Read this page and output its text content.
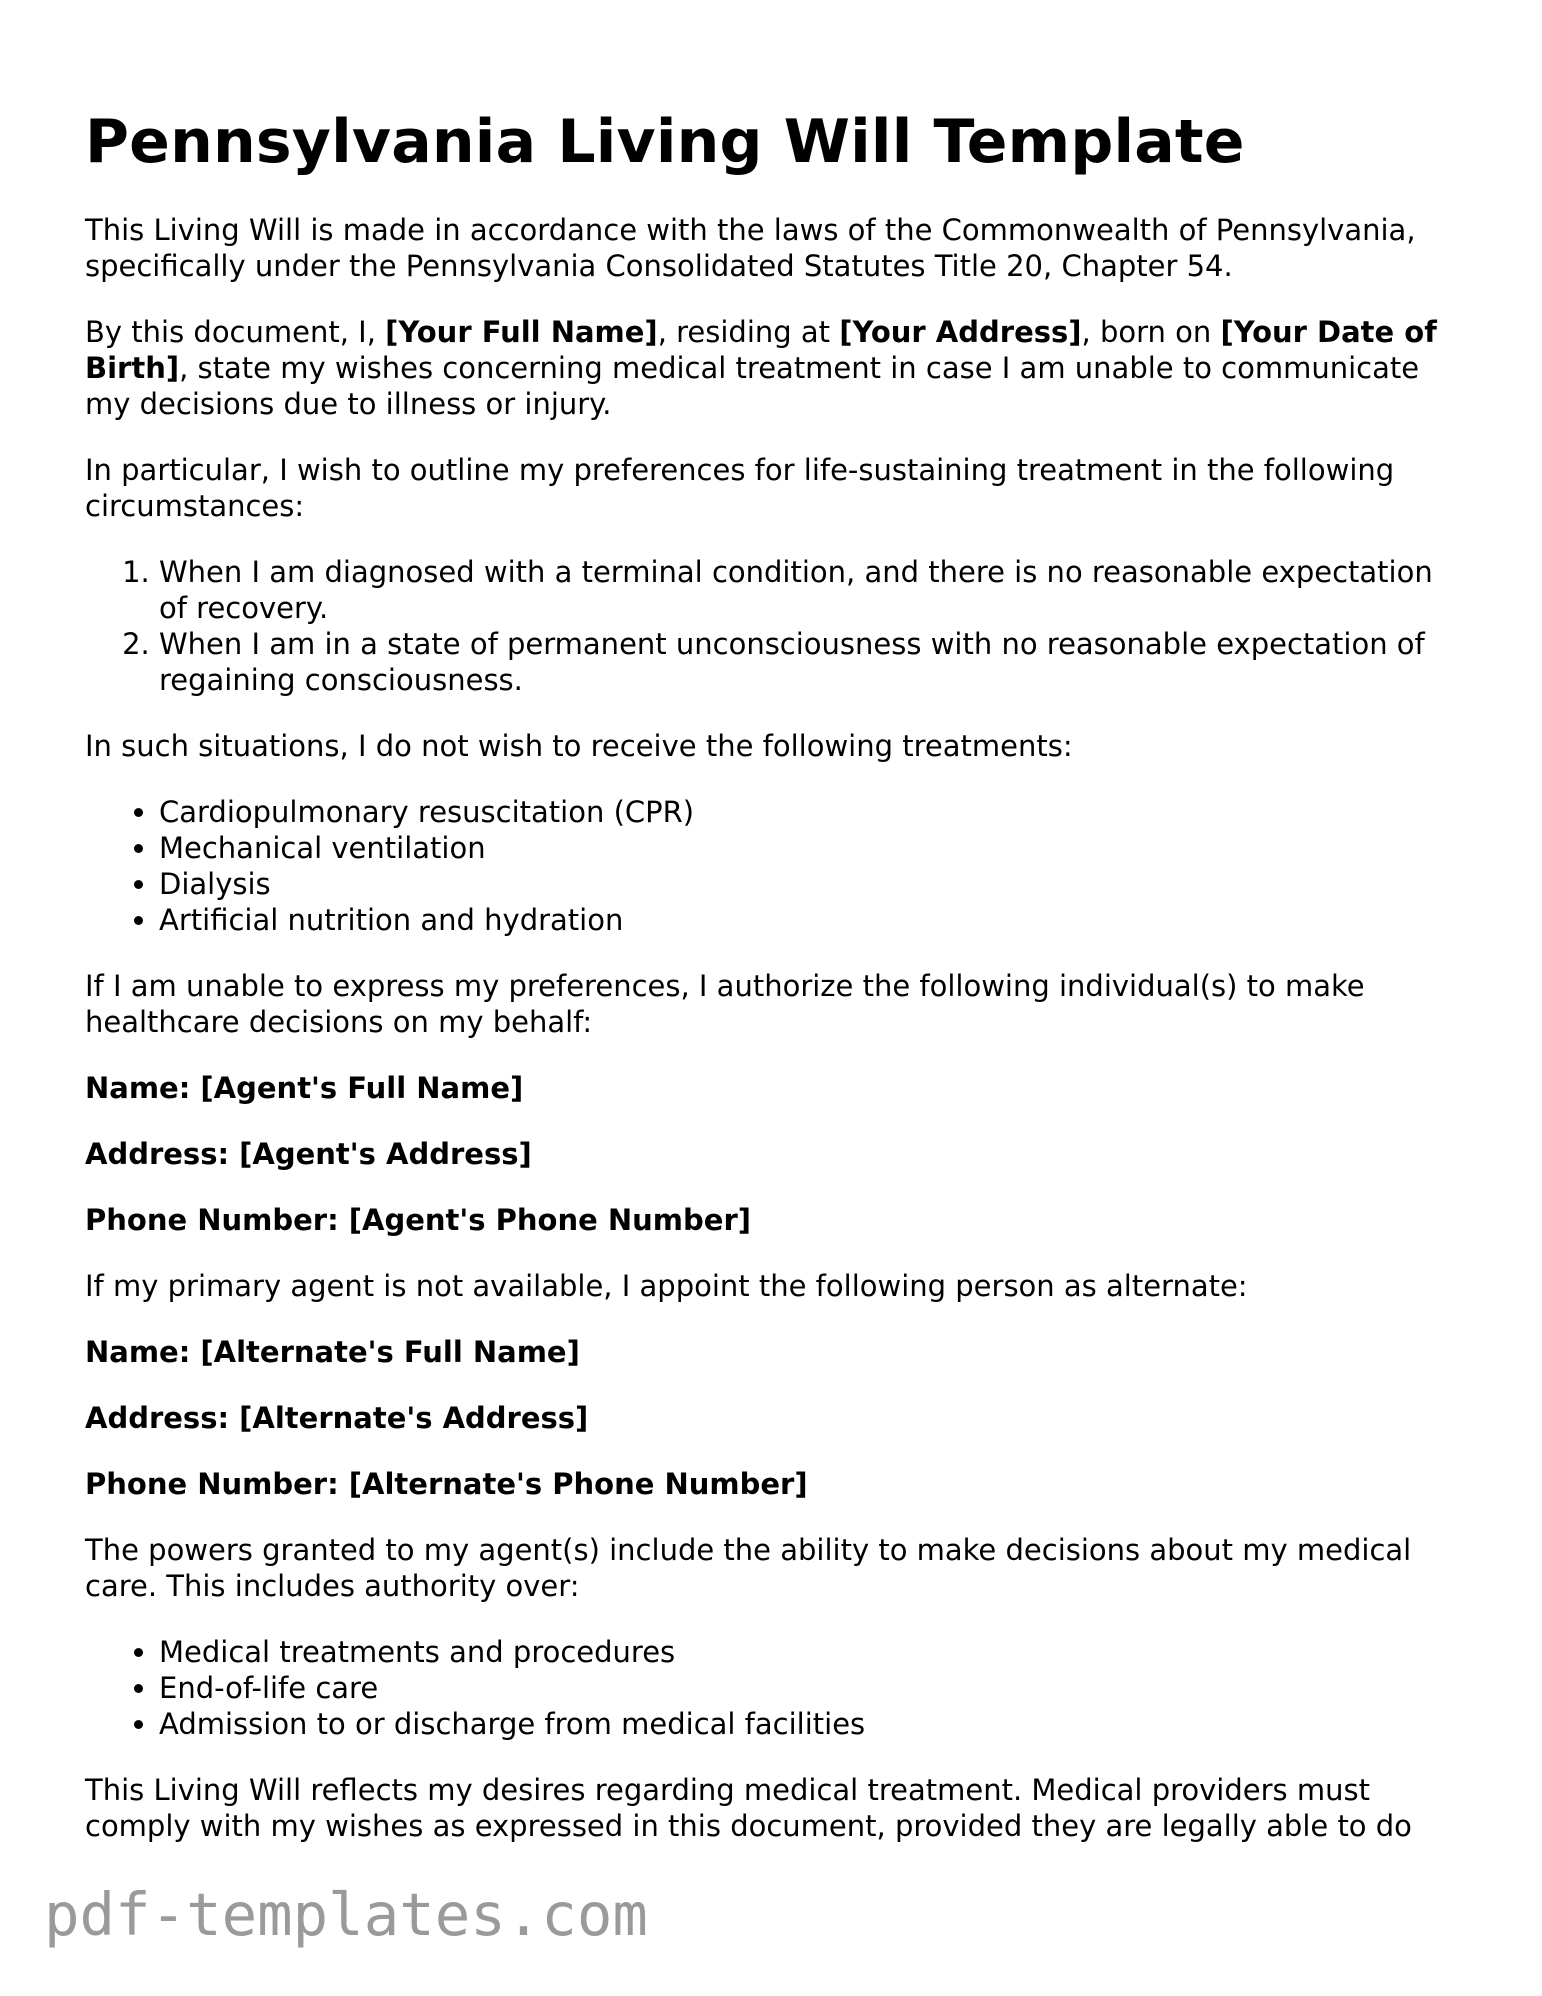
Pennsylvania Living Will Template

This Living Will is made in accordance with the laws of the Commonwealth of Pennsylvania, specifically under the Pennsylvania Consolidated Statutes Title 20, Chapter 54.

By this document, I, [Your Full Name], residing at [Your Address], born on [Your Date of Birth], state my wishes concerning medical treatment in case I am unable to communicate my decisions due to illness or injury.

In particular, I wish to outline my preferences for life-sustaining treatment in the following circumstances:

1. When I am diagnosed with a terminal condition, and there is no reasonable expectation of recovery.
2. When I am in a state of permanent unconsciousness with no reasonable expectation of regaining consciousness.

In such situations, I do not wish to receive the following treatments:

• Cardiopulmonary resuscitation (CPR)
• Mechanical ventilation
• Dialysis
• Artificial nutrition and hydration

If I am unable to express my preferences, I authorize the following individual(s) to make healthcare decisions on my behalf:

Name: [Agent's Full Name]

Address: [Agent's Address]

Phone Number: [Agent's Phone Number]

If my primary agent is not available, I appoint the following person as alternate:

Name: [Alternate's Full Name]

Address: [Alternate's Address]

Phone Number: [Alternate's Phone Number]

The powers granted to my agent(s) include the ability to make decisions about my medical care. This includes authority over:

• Medical treatments and procedures
• End-of-life care
• Admission to or discharge from medical facilities

This Living Will reflects my desires regarding medical treatment. Medical providers must comply with my wishes as expressed in this document, provided they are legally able to do

pdf-templates.com
